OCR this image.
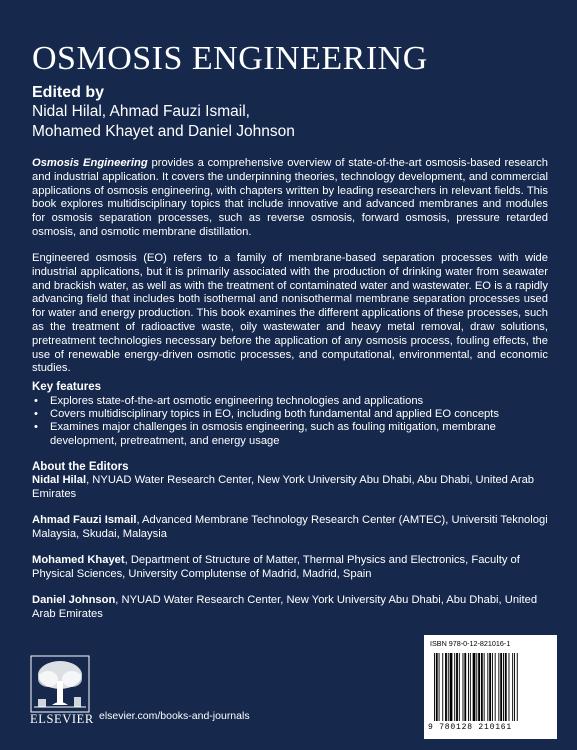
OSMOSIS ENGINEERING
Edited by
Nidal Hilal, Ahmad Fauzi Ismail,
Mohamed Khayet and Daniel Johnson
Osmosis Engineering provides a comprehensive overview of state-of-the-art osmosis-based research and industrial application. It covers the underpinning theories, technology development, and commercial applications of osmosis engineering, with chapters written by leading researchers in relevant fields. This book explores multidisciplinary topics that include innovative and advanced membranes and modules for osmosis separation processes, such as reverse osmosis, forward osmosis, pressure retarded osmosis, and osmotic membrane distillation.
Engineered osmosis (EO) refers to a family of membrane-based separation processes with wide industrial applications, but it is primarily associated with the production of drinking water from seawater and brackish water, as well as with the treatment of contaminated water and wastewater. EO is a rapidly advancing field that includes both isothermal and nonisothermal membrane separation processes used for water and energy production. This book examines the different applications of these processes, such as the treatment of radioactive waste, oily wastewater and heavy metal removal, draw solutions, pretreatment technologies necessary before the application of any osmosis process, fouling effects, the use of renewable energy-driven osmotic processes, and computational, environmental, and economic studies.
Key features
• Explores state-of-the-art osmotic engineering technologies and applications
• Covers multidisciplinary topics in EO, including both fundamental and applied EO concepts
• Examines major challenges in osmosis engineering, such as fouling mitigation, membrane development, pretreatment, and energy usage
About the Editors
Nidal Hilal, NYUAD Water Research Center, New York University Abu Dhabi, Abu Dhabi, United Arab Emirates
Ahmad Fauzi Ismail, Advanced Membrane Technology Research Center (AMTEC), Universiti Teknologi Malaysia, Skudai, Malaysia
Mohamed Khayet, Department of Structure of Matter, Thermal Physics and Electronics, Faculty of Physical Sciences, University Complutense of Madrid, Madrid, Spain
Daniel Johnson, NYUAD Water Research Center, New York University Abu Dhabi, Abu Dhabi, United Arab Emirates
ELSEVIER elsevier.com/books-and-journals
ISBN 978-0-12-821016-1
9 780128 210161
